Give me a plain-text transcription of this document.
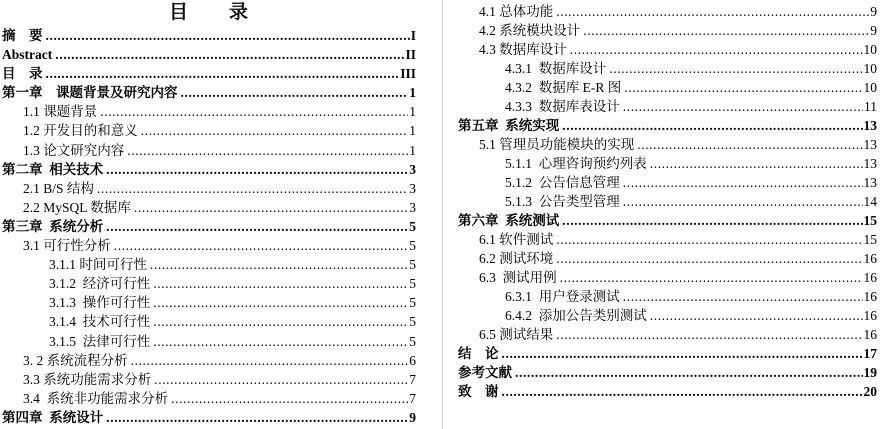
目　　录
摘　要 .....	I
Abstract .....	II
目　录 .....	III
第一章　课题背景及研究内容 .....	1
1.1 课题背景 .....	1
1.2 开发目的和意义 .....	1
1.3 论文研究内容 .....	1
第二章  相关技术 .....	3
2.1 B/S 结构 .....	3
2.2 MySQL 数据库 .....	3
第三章  系统分析 .....	5
3.1 可行性分析 .....	5
3.1.1 时间可行性 .....	5
3.1.2  经济可行性 .....	5
3.1.3  操作可行性 .....	5
3.1.4  技术可行性 .....	5
3.1.5  法律可行性 .....	5
3. 2 系统流程分析 .....	6
3.3 系统功能需求分析 .....	7
3.4  系统非功能需求分析 .....	7
第四章  系统设计 .....	9
4.1 总体功能 .....	9
4.2 系统模块设计 .....	9
4.3 数据库设计 .....	10
4.3.1  数据库设计 .....	10
4.3.2  数据库 E-R 图 .....	10
4.3.3  数据库表设计 .....	11
第五章  系统实现 .....	13
5.1 管理员功能模块的实现 .....	13
5.1.1  心理咨询预约列表 .....	13
5.1.2  公告信息管理 .....	13
5.1.3  公告类型管理 .....	14
第六章  系统测试 .....	15
6.1 软件测试 .....	15
6.2 测试环境 .....	16
6.3  测试用例 .....	16
6.3.1  用户登录测试 .....	16
6.4.2  添加公告类别测试 .....	16
6.5 测试结果 .....	16
结　论 .....	17
参考文献 .....	19
致　谢 .....	20
